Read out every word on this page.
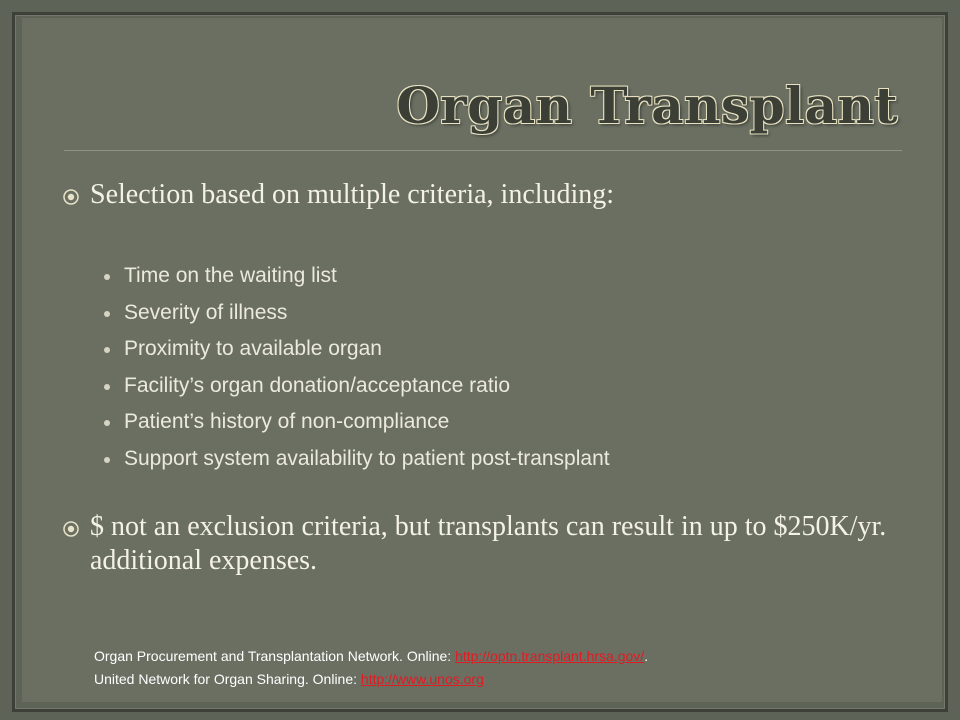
Organ Transplant
Selection based on multiple criteria, including:
Time on the waiting list
Severity of illness
Proximity to available organ
Facility’s organ donation/acceptance ratio
Patient’s history of non-compliance
Support system availability to patient post-transplant
$ not an exclusion criteria, but transplants can result in up to $250K/yr. additional expenses.
Organ Procurement and Transplantation Network. Online: http://optn.transplant.hrsa.gov/.
United Network for Organ Sharing. Online: http://www.unos.org
